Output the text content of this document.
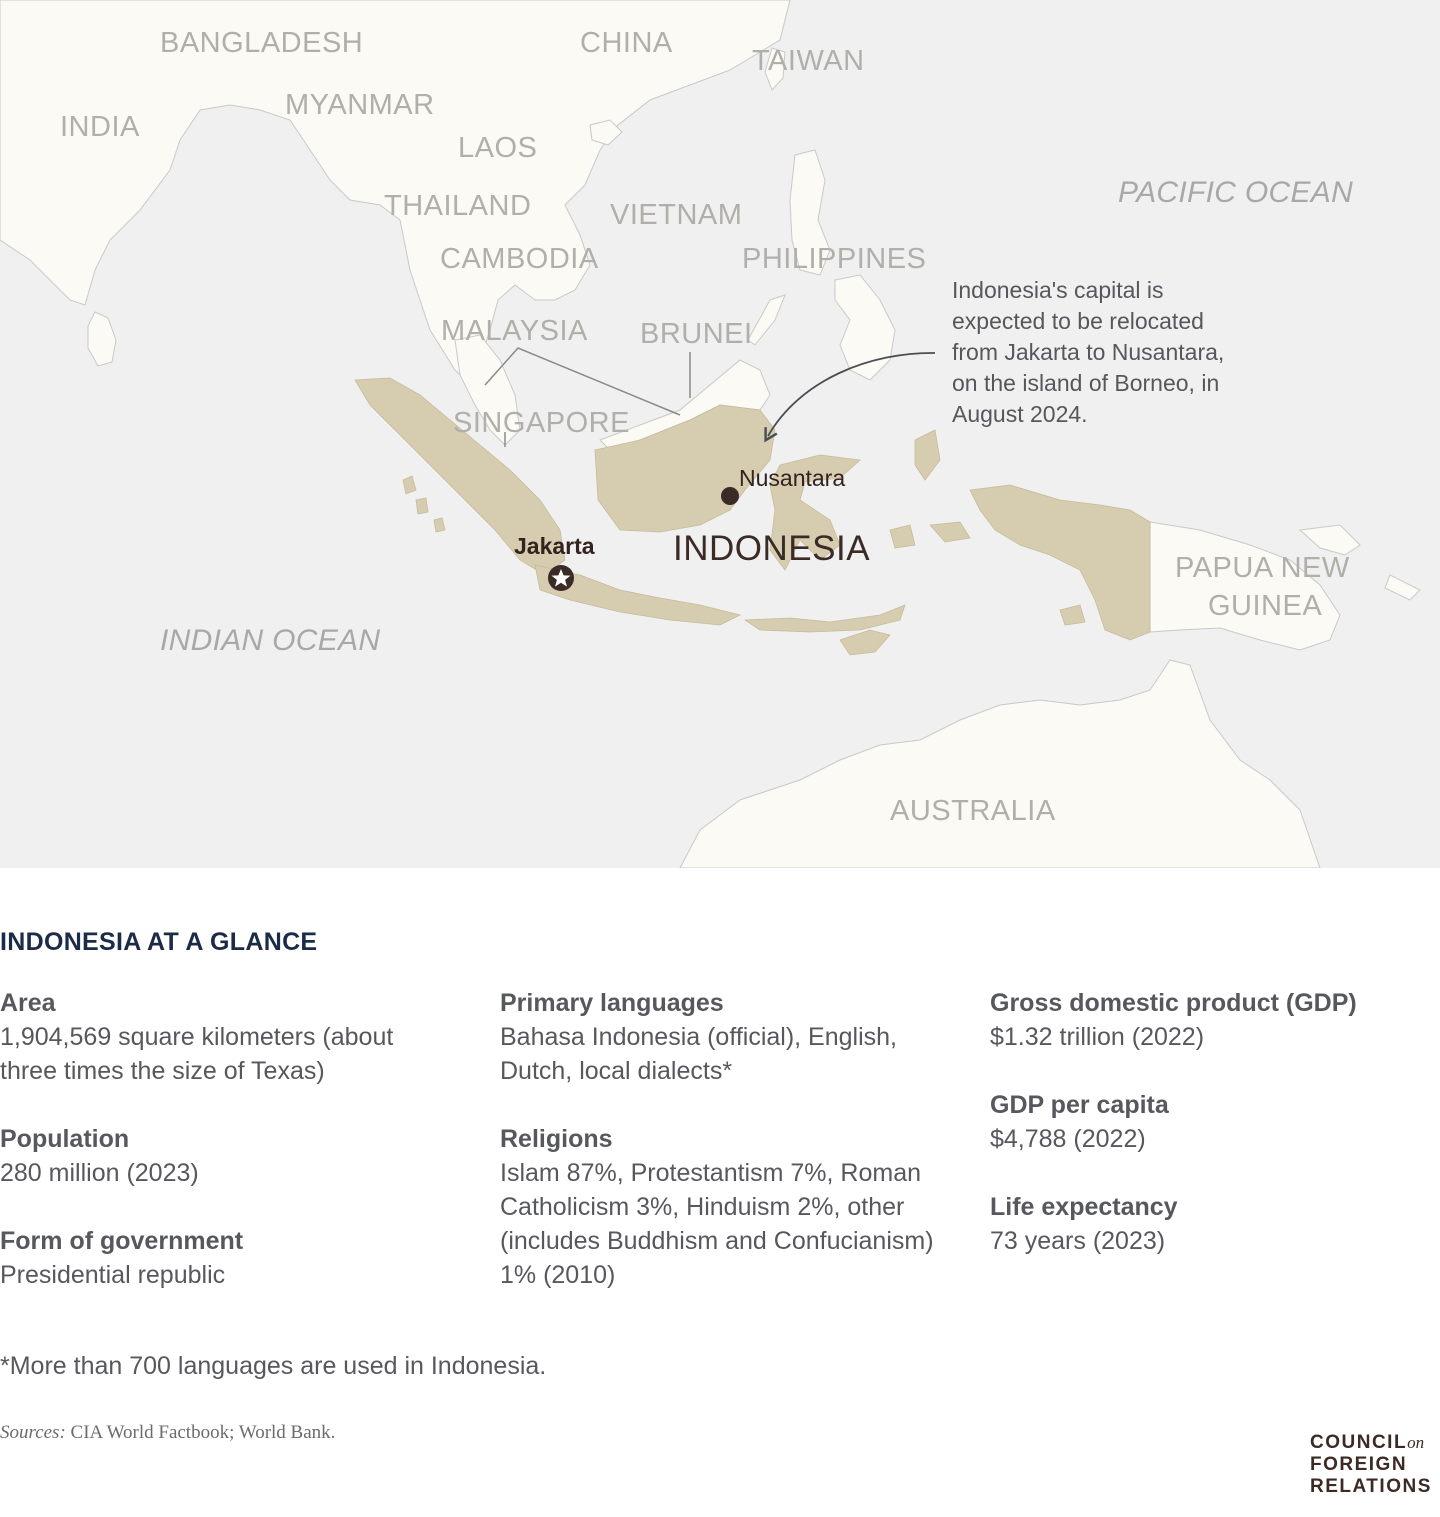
BANGLADESH	CHINA
TAIWAN
INDIA
MYANMAR
LAOS
THAILAND	VIETNAM
CAMBODIA	PHILIPPINES
MALAYSIA BRUNEI
SINGAPORE
PAPUA NEW
GUINEA
AUSTRALIA
PACIFIC OCEAN
INDIAN OCEAN
INDONESIA
Nusantara
Jakarta
Indonesia's capital is
expected to be relocated
from Jakarta to Nusantara,
on the island of Borneo, in
August 2024.
INDONESIA AT A GLANCE
Area
1,904,569 square kilometers (about three times the size of Texas)
Population
280 million (2023)
Form of government
Presidential republic
Primary languages
Bahasa Indonesia (official), English, Dutch, local dialects*
Religions
Islam 87%, Protestantism 7%, Roman Catholicism 3%, Hinduism 2%, other (includes Buddhism and Confucianism) 1% (2010)
Gross domestic product (GDP)
$1.32 trillion (2022)
GDP per capita
$4,788 (2022)
Life expectancy
73 years (2023)
*More than 700 languages are used in Indonesia.
Sources: CIA World Factbook; World Bank.	COUNCILon
FOREIGN
RELATIONS
